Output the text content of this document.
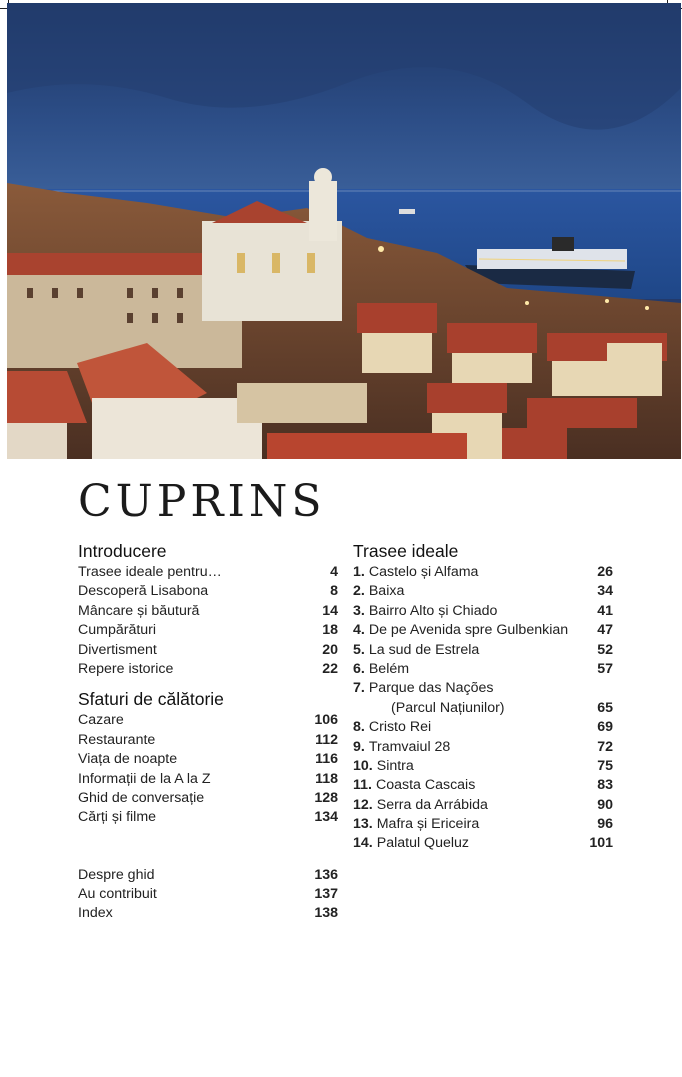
CUPRINS
Introducere
Trasee ideale pentru…	4
Descoperă Lisabona	8
Mâncare și băutură	14
Cumpărături	18
Divertisment	20
Repere istorice	22
Sfaturi de călătorie
Cazare	106
Restaurante	112
Viața de noapte	116
Informații de la A la Z	118
Ghid de conversație	128
Cărți și filme	134
Despre ghid	136
Au contribuit	137
Index	138
Trasee ideale
1. Castelo și Alfama	26
2. Baixa	34
3. Bairro Alto și Chiado	41
4. De pe Avenida spre Gulbenkian 47
5. La sud de Estrela	52
6. Belém	57
7. Parque das Nações
(Parcul Națiunilor)	65
8. Cristo Rei	69
9. Tramvaiul 28	72
10. Sintra	75
11. Coasta Cascais	83
12. Serra da Arrábida	90
13. Mafra și Ericeira	96
14. Palatul Queluz	101
